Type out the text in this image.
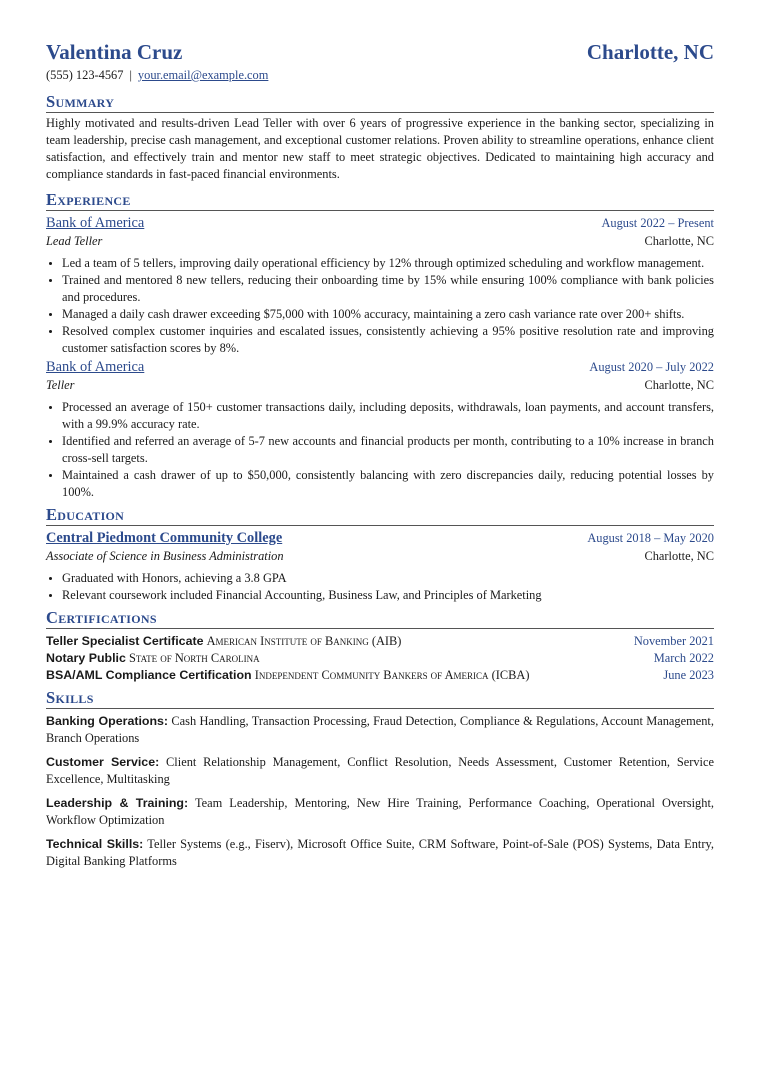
Valentina Cruz	Charlotte, NC
(555) 123-4567 | your.email@example.com
Summary
Highly motivated and results-driven Lead Teller with over 6 years of progressive experience in the banking sector, specializing in team leadership, precise cash management, and exceptional customer relations. Proven ability to streamline operations, enhance client satisfaction, and effectively train and mentor new staff to meet strategic objectives. Dedicated to maintaining high accuracy and compliance standards in fast-paced financial environments.
Experience
Bank of America	August 2022 – Present
Lead Teller	Charlotte, NC
• Led a team of 5 tellers, improving daily operational efficiency by 12% through optimized scheduling and workflow management.
• Trained and mentored 8 new tellers, reducing their onboarding time by 15% while ensuring 100% compliance with bank policies and procedures.
• Managed a daily cash drawer exceeding $75,000 with 100% accuracy, maintaining a zero cash variance rate over 200+ shifts.
• Resolved complex customer inquiries and escalated issues, consistently achieving a 95% positive resolution rate and improving customer satisfaction scores by 8%.
Bank of America	August 2020 – July 2022
Teller	Charlotte, NC
• Processed an average of 150+ customer transactions daily, including deposits, withdrawals, loan payments, and account transfers, with a 99.9% accuracy rate.
• Identified and referred an average of 5-7 new accounts and financial products per month, contributing to a 10% increase in branch cross-sell targets.
• Maintained a cash drawer of up to $50,000, consistently balancing with zero discrepancies daily, reducing potential losses by 100%.
Education
Central Piedmont Community College	August 2018 – May 2020
Associate of Science in Business Administration	Charlotte, NC
• Graduated with Honors, achieving a 3.8 GPA
• Relevant coursework included Financial Accounting, Business Law, and Principles of Marketing
Certifications
Teller Specialist Certificate American Institute of Banking (AIB)	November 2021
Notary Public State of North Carolina	March 2022
BSA/AML Compliance Certification Independent Community Bankers of America (ICBA)	June 2023
Skills
Banking Operations: Cash Handling, Transaction Processing, Fraud Detection, Compliance & Regulations, Account Management, Branch Operations
Customer Service: Client Relationship Management, Conflict Resolution, Needs Assessment, Customer Retention, Service Excellence, Multitasking
Leadership & Training: Team Leadership, Mentoring, New Hire Training, Performance Coaching, Operational Oversight, Workflow Optimization
Technical Skills: Teller Systems (e.g., Fiserv), Microsoft Office Suite, CRM Software, Point-of-Sale (POS) Systems, Data Entry, Digital Banking Platforms
